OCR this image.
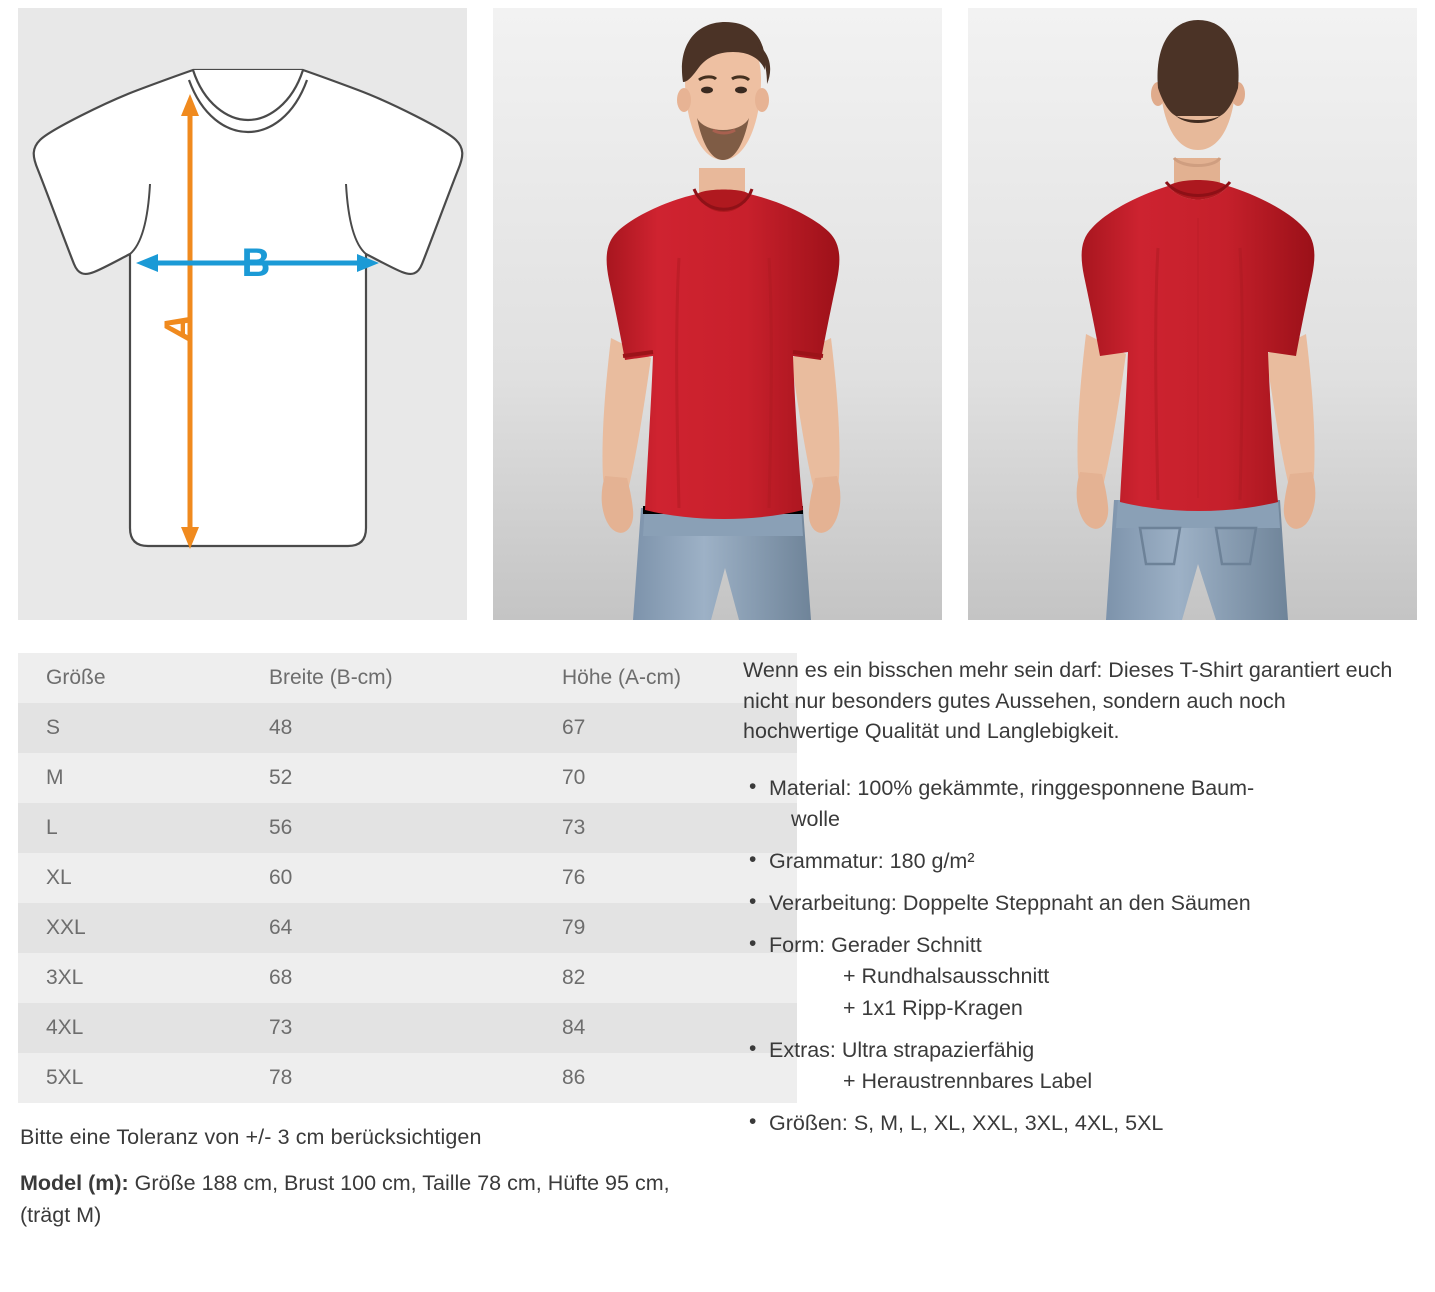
A
B
Größe	Breite (B-cm)	Höhe (A-cm)
S	48	67
M	52	70
L	56	73
XL	60	76
XXL	64	79
3XL	68	82
4XL	73	84
5XL	78	86
Bitte eine Toleranz von +/- 3 cm berücksichtigen
Model (m): Größe 188 cm, Brust 100 cm, Taille 78 cm, Hüfte 95 cm, (trägt M)

Wenn es ein bisschen mehr sein darf: Dieses T-Shirt garantiert euch nicht nur besonders gutes Aussehen, sondern auch noch hochwertige Qualität und Langlebigkeit.

• Material: 100% gekämmte, ringgesponnene Baum-
wolle
• Grammatur: 180 g/m²
• Verarbeitung: Doppelte Steppnaht an den Säumen
• Form: Gerader Schnitt
+ Rundhalsausschnitt
+ 1x1 Ripp-Kragen
• Extras: Ultra strapazierfähig
+ Heraustrennbares Label
• Größen: S, M, L, XL, XXL, 3XL, 4XL, 5XL
